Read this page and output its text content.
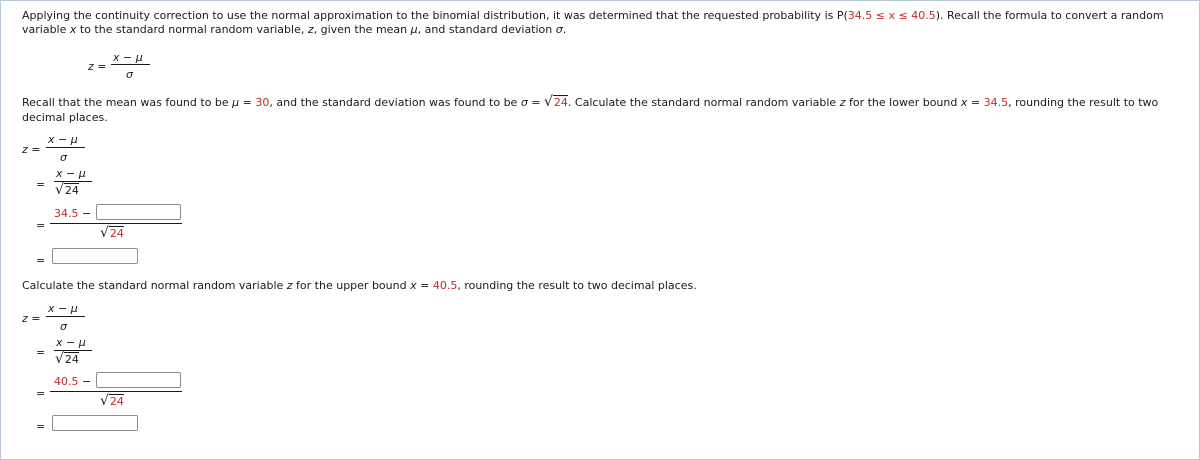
Applying the continuity correction to use the normal approximation to the binomial distribution, it was determined that the requested probability is P(34.5 ≤ x ≤ 40.5). Recall the formula to convert a random
variable x to the standard normal random variable, z, given the mean μ, and standard deviation σ.
z =
x − μ
σ
Recall that the mean was found to be μ = 30, and the standard deviation was found to be σ = √24. Calculate the standard normal random variable z for the lower bound x = 34.5, rounding the result to two
decimal places.
z =
x − μ
σ
=
x − μ
√24
=
34.5 −
√24
=
Calculate the standard normal random variable z for the upper bound x = 40.5, rounding the result to two decimal places.
z =
x − μ
σ
=
x − μ
√24
=
40.5 −
√24
=
